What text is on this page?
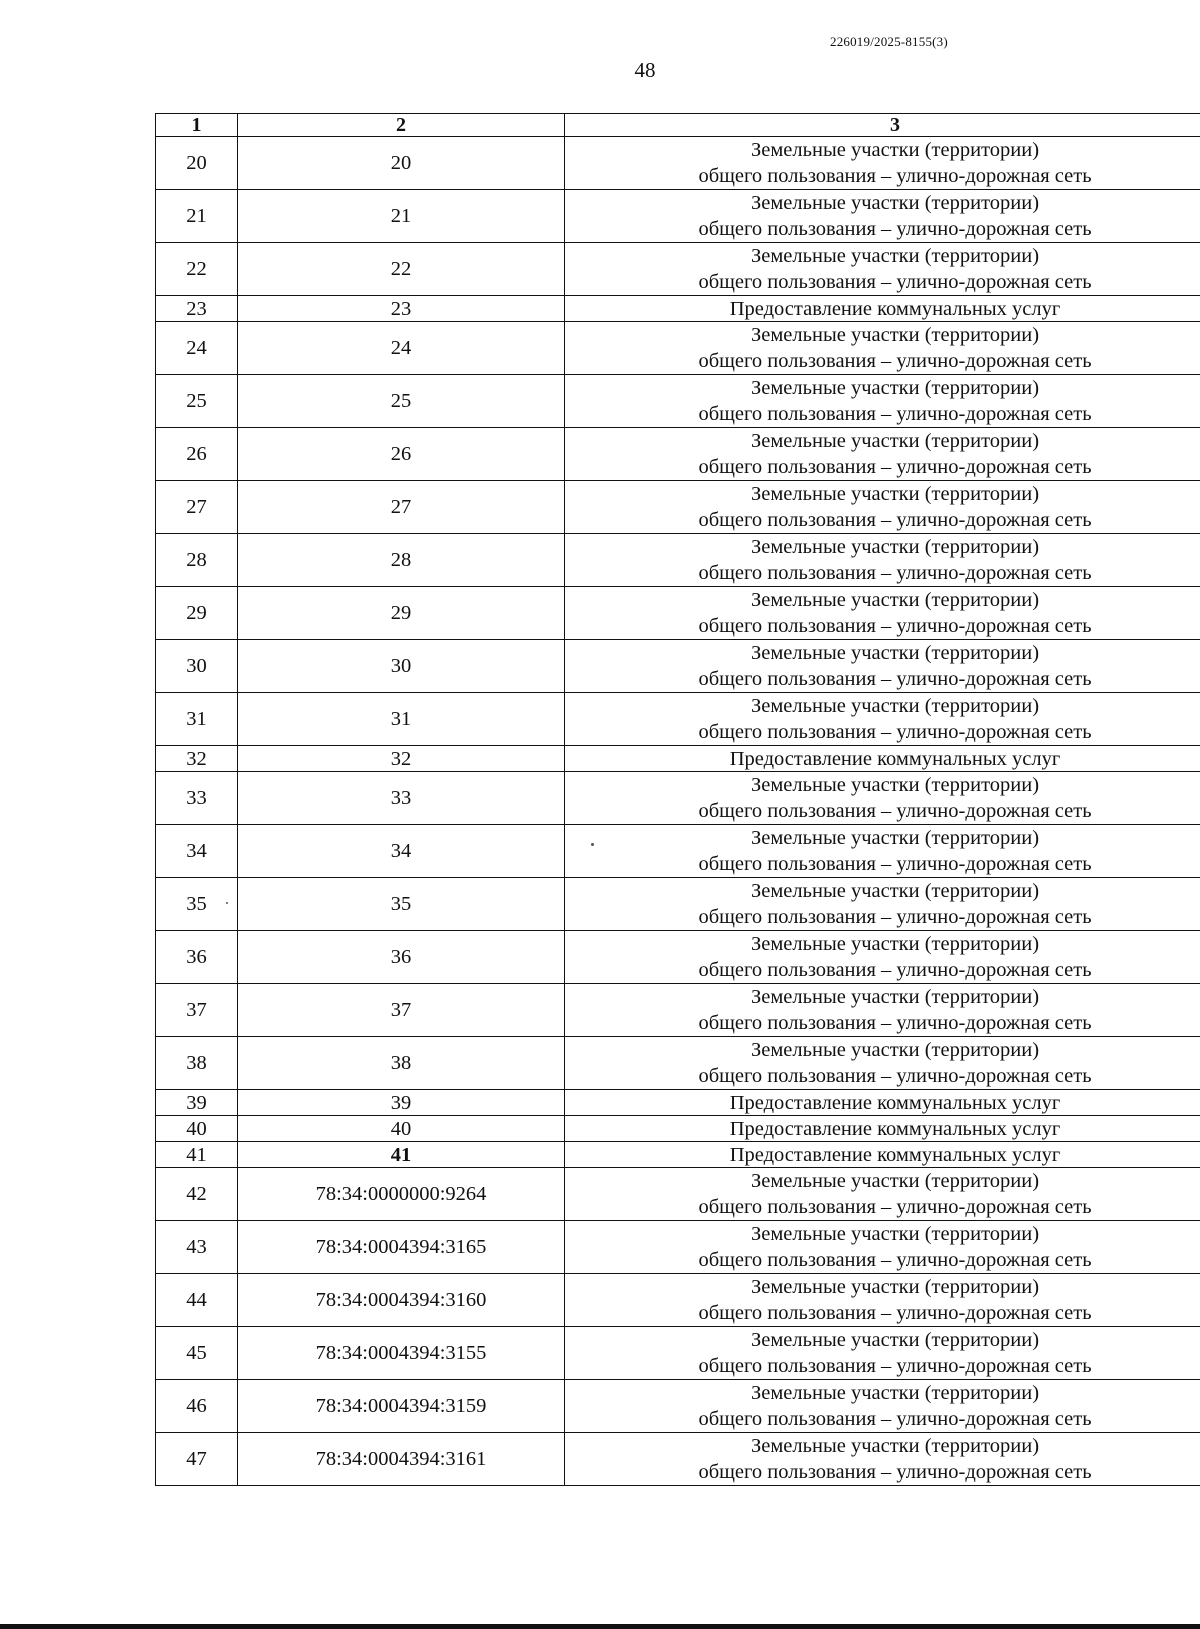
226019/2025-8155(3)
48
1	2	3
20	20	Земельные участки (территории)
общего пользования – улично-дорожная сеть

21	21	Земельные участки (территории)
общего пользования – улично-дорожная сеть

22	22	Земельные участки (территории)
общего пользования – улично-дорожная сеть

23	23	Предоставление коммунальных услуг

24	24	Земельные участки (территории)
общего пользования – улично-дорожная сеть

25	25	Земельные участки (территории)
общего пользования – улично-дорожная сеть

26	26	Земельные участки (территории)
общего пользования – улично-дорожная сеть

27	27	Земельные участки (территории)
общего пользования – улично-дорожная сеть

28	28	Земельные участки (территории)
общего пользования – улично-дорожная сеть

29	29	Земельные участки (территории)
общего пользования – улично-дорожная сеть

30	30	Земельные участки (территории)
общего пользования – улично-дорожная сеть

31	31	Земельные участки (территории)
общего пользования – улично-дорожная сеть

32	32	Предоставление коммунальных услуг

33	33	Земельные участки (территории)
общего пользования – улично-дорожная сеть

34	34	Земельные участки (территории)
общего пользования – улично-дорожная сеть

35	35	Земельные участки (территории)
общего пользования – улично-дорожная сеть

36	36	Земельные участки (территории)
общего пользования – улично-дорожная сеть

37	37	Земельные участки (территории)
общего пользования – улично-дорожная сеть

38	38	Земельные участки (территории)
общего пользования – улично-дорожная сеть

39	39	Предоставление коммунальных услуг

40	40	Предоставление коммунальных услуг

41	41	Предоставление коммунальных услуг

42	78:34:0000000:9264	Земельные участки (территории)
общего пользования – улично-дорожная сеть

43	78:34:0004394:3165	Земельные участки (территории)
общего пользования – улично-дорожная сеть

44	78:34:0004394:3160	Земельные участки (территории)
общего пользования – улично-дорожная сеть

45	78:34:0004394:3155	Земельные участки (территории)
общего пользования – улично-дорожная сеть

46	78:34:0004394:3159	Земельные участки (территории)
общего пользования – улично-дорожная сеть

47	78:34:0004394:3161	Земельные участки (территории)
общего пользования – улично-дорожная сеть
